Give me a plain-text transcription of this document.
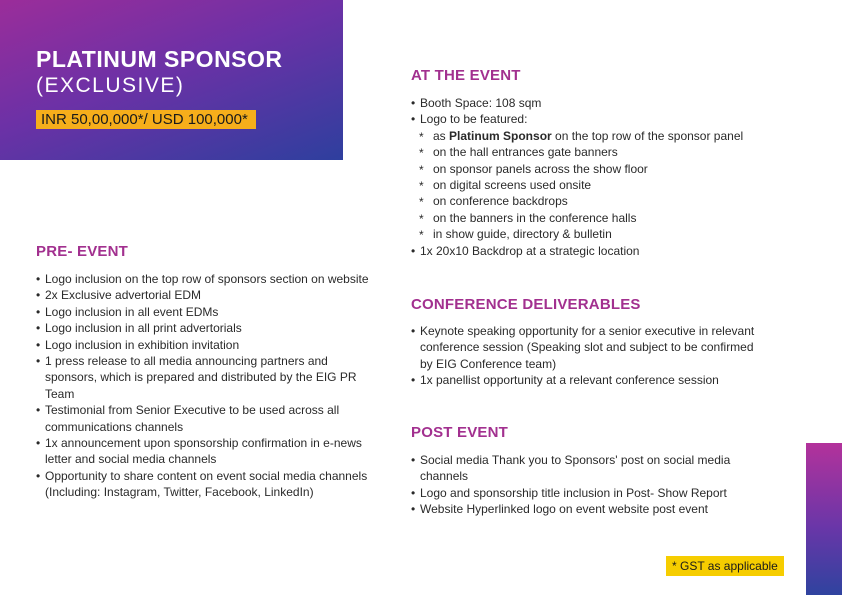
PLATINUM SPONSOR
(EXCLUSIVE)
INR 50,00,000*/ USD 100,000*
PRE- EVENT
• Logo inclusion on the top row of sponsors section on website
• 2x Exclusive advertorial EDM
• Logo inclusion in all event EDMs
• Logo inclusion in all print advertorials
• Logo inclusion in exhibition invitation
• 1 press release to all media announcing partners and sponsors, which is prepared and distributed by the EIG PR Team
• Testimonial from Senior Executive to be used across all communications channels
• 1x announcement upon sponsorship confirmation in e-news letter and social media channels
• Opportunity to share content on event social media channels (Including: Instagram, Twitter, Facebook, LinkedIn)
AT THE EVENT
• Booth Space: 108 sqm
• Logo to be featured:
* as Platinum Sponsor on the top row of the sponsor panel
* on the hall entrances gate banners
* on sponsor panels across the show floor
* on digital screens used onsite
* on conference backdrops
* on the banners in the conference halls
* in show guide, directory & bulletin
• 1x 20x10 Backdrop at a strategic location
CONFERENCE DELIVERABLES
• Keynote speaking opportunity for a senior executive in relevant conference session (Speaking slot and subject to be confirmed by EIG Conference team)
• 1x panellist opportunity at a relevant conference session
POST EVENT
• Social media Thank you to Sponsors' post on social media channels
• Logo and sponsorship title inclusion in Post- Show Report
• Website Hyperlinked logo on event website post event
* GST as applicable
